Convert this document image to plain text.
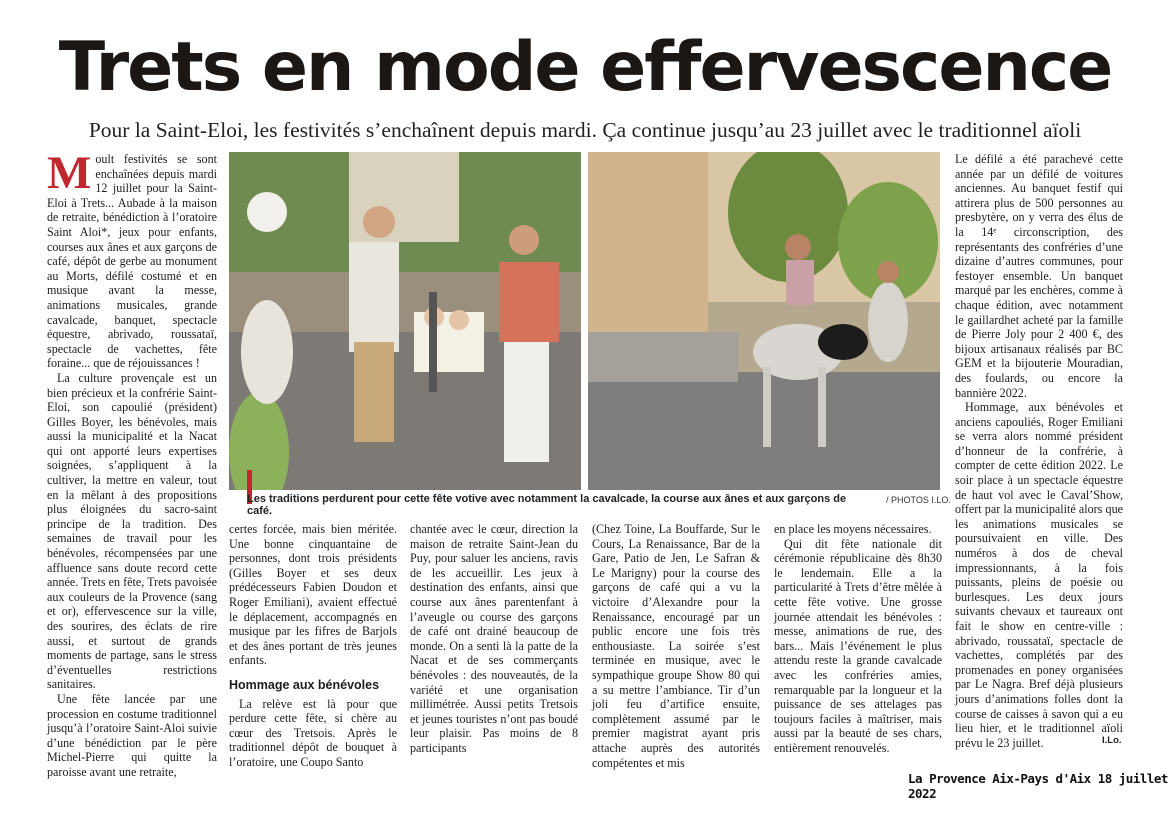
Trets en mode effervescence
Pour la Saint-Eloi, les festivités s’enchaînent depuis mardi. Ça continue jusqu’au 23 juillet avec le traditionnel aïoli

Moult festivités se sont enchaînées depuis mardi 12 juillet pour la Saint-Eloi à Trets... Aubade à la maison de retraite, bénédiction à l’oratoire Saint Aloi*, jeux pour enfants, courses aux ânes et aux garçons de café, dépôt de gerbe au monument au Morts, défilé costumé et en musique avant la messe, animations musicales, grande cavalcade, banquet, spectacle équestre, abrivado, roussataï, spectacle de vachettes, fête foraine... que de réjouissances !

La culture provençale est un bien précieux et la confrérie Saint-Eloi, son capoulié (président) Gilles Boyer, les bénévoles, mais aussi la municipalité et la Nacat qui ont apporté leurs expertises soignées, s’appliquent à la cultiver, la mettre en valeur, tout en la mêlant à des propositions plus éloignées du sacro-saint principe de la tradition. Des semaines de travail pour les bénévoles, récompensées par une affluence sans doute record cette année. Trets en fête, Trets pavoisée aux couleurs de la Provence (sang et or), effervescence sur la ville, des sourires, des éclats de rire aussi, et surtout de grands moments de partage, sans le stress d’éventuelles restrictions sanitaires.

Une fête lancée par une procession en costume traditionnel jusqu’à l’oratoire Saint-Aloi suivie d’une bénédiction par le père Michel-Pierre qui quitte la paroisse avant une retraite,

Les traditions perdurent pour cette fête votive avec notamment la cavalcade, la course aux ânes et aux garçons de café.
/ PHOTOS I.LO.

certes forcée, mais bien méritée. Une bonne cinquantaine de personnes, dont trois présidents (Gilles Boyer et ses deux prédécesseurs Fabien Doudon et Roger Emiliani), avaient effectué le déplacement, accompagnés en musique par les fifres de Barjols et des ânes portant de très jeunes enfants.

Hommage aux bénévoles

La relève est là pour que perdure cette fête, si chère au cœur des Tretsois. Après le traditionnel dépôt de bouquet à l’oratoire, une Coupo Santo

chantée avec le cœur, direction la maison de retraite Saint-Jean du Puy, pour saluer les anciens, ravis de les accueillir. Les jeux à destination des enfants, ainsi que course aux ânes parentenfant à l’aveugle ou course des garçons de café ont drainé beaucoup de monde. On a senti là la patte de la Nacat et de ses commerçants bénévoles : des nouveautés, de la variété et une organisation millimétrée. Aussi petits Tretsois et jeunes touristes n’ont pas boudé leur plaisir. Pas moins de 8 participants

(Chez Toine, La Bouffarde, Sur le Cours, La Renaissance, Bar de la Gare, Patio de Jen, Le Safran & Le Marigny) pour la course des garçons de café qui a vu la victoire d’Alexandre pour la Renaissance, encouragé par un public encore une fois très enthousiaste. La soirée s’est terminée en musique, avec le sympathique groupe Show 80 qui a su mettre l’ambiance. Tir d’un joli feu d’artifice ensuite, complètement assumé par le premier magistrat ayant pris attache auprès des autorités compétentes et mis

en place les moyens nécessaires.

Qui dit fête nationale dit cérémonie républicaine dès 8h30 le lendemain. Elle a la particularité à Trets d’être mêlée à cette fête votive. Une grosse journée attendait les bénévoles : messe, animations de rue, des bars... Mais l’événement le plus attendu reste la grande cavalcade avec les confréries amies, remarquable par la longueur et la puissance de ses attelages pas toujours faciles à maîtriser, mais aussi par la beauté de ses chars, entièrement renouvelés.

Le défilé a été parachevé cette année par un défilé de voitures anciennes. Au banquet festif qui attirera plus de 500 personnes au presbytère, on y verra des élus de la 14ᵉ circonscription, des représentants des confréries d’une dizaine d’autres communes, pour festoyer ensemble. Un banquet marqué par les enchères, comme à chaque édition, avec notamment le gaillardhet acheté par la famille de Pierre Joly pour 2 400 €, des bijoux artisanaux réalisés par BC GEM et la bijouterie Mouradian, des foulards, ou encore la bannière 2022.

Hommage, aux bénévoles et anciens capouliés, Roger Emiliani se verra alors nommé président d’honneur de la confrérie, à compter de cette édition 2022. Le soir place à un spectacle équestre de haut vol avec le Caval’Show, offert par la municipalité alors que les animations musicales se poursuivaient en ville. Des numéros à dos de cheval impressionnants, à la fois puissants, pleins de poésie ou burlesques. Les deux jours suivants chevaux et taureaux ont fait le show en centre-ville : abrivado, roussataï, spectacle de vachettes, complétés par des promenades en poney organisées par Le Nagra. Bref déjà plusieurs jours d’animations folles dont la course de caisses à savon qui a eu lieu hier, et le traditionnel aïoli prévu le 23 juillet.	I.Lo.
La Provence Aix-Pays d'Aix 18 juillet 2022
